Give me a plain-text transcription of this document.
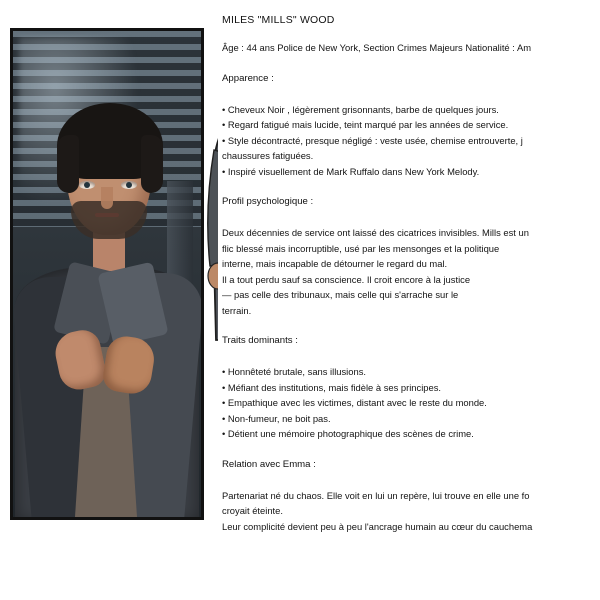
MILES "MILLS" WOOD

Âge : 44 ans Police de New York, Section Crimes Majeurs Nationalité : Am

Apparence :

• Cheveux Noir , légèrement grisonnants, barbe de quelques jours.

• Regard fatigué mais lucide, teint marqué par les années de service.

• Style décontracté, presque négligé : veste usée, chemise entrouverte, j

chaussures fatiguées.

• Inspiré visuellement de Mark Ruffalo dans New York Melody.

Profil psychologique :

Deux décennies de service ont laissé des cicatrices invisibles. Mills est un

flic blessé mais incorruptible, usé par les mensonges et la politique

interne, mais incapable de détourner le regard du mal.

Il a tout perdu sauf sa conscience. Il croit encore à la justice

— pas celle des tribunaux, mais celle qui s'arrache sur le

terrain.

Traits dominants :

• Honnêteté brutale, sans illusions.

• Méfiant des institutions, mais fidèle à ses principes.

• Empathique avec les victimes, distant avec le reste du monde.

• Non-fumeur, ne boit pas.

• Détient une mémoire photographique des scènes de crime.

Relation avec Emma :

Partenariat né du chaos. Elle voit en lui un repère, lui trouve en elle une fo

croyait éteinte.

Leur complicité devient peu à peu l'ancrage humain au cœur du cauchema
